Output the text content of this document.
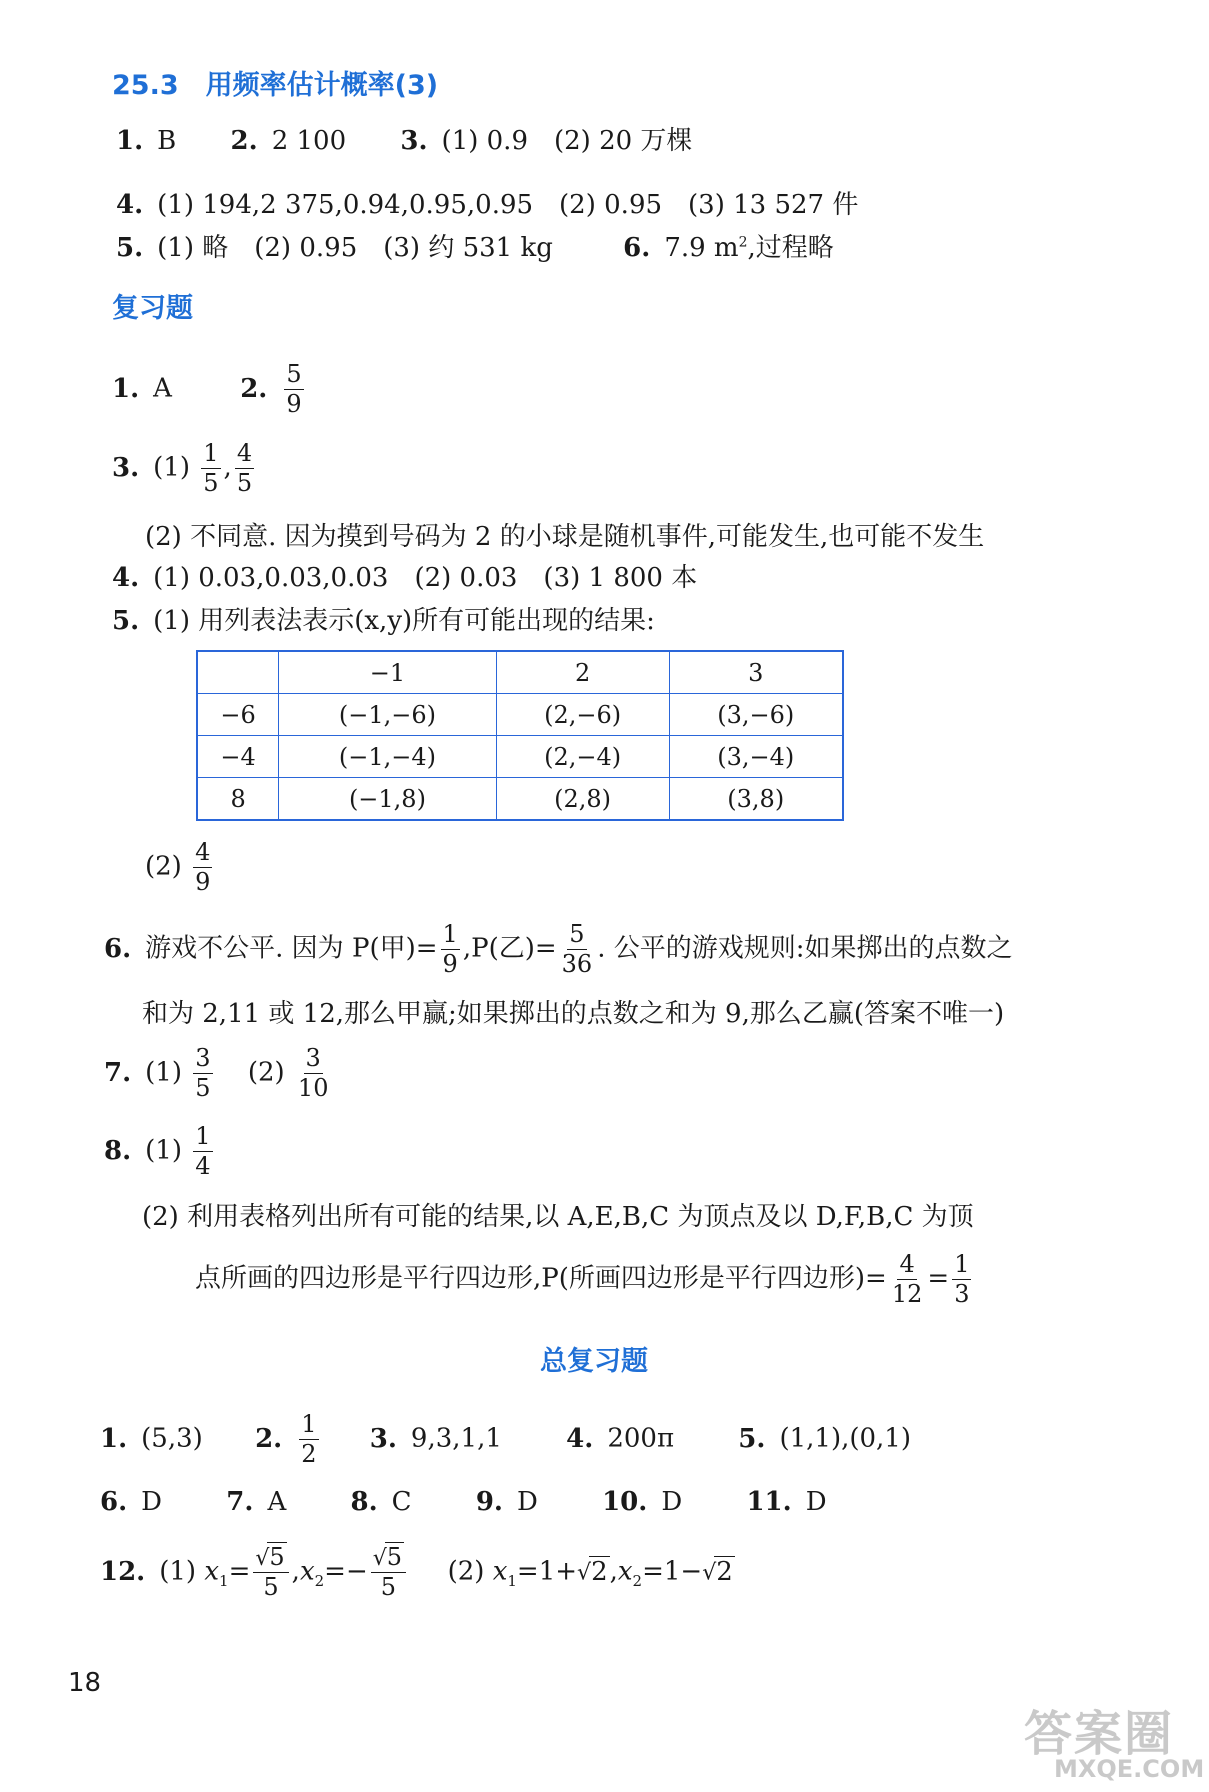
25.3　用频率估计概率(3)
1. B 2. 2 100 3. (1) 0.9　(2) 20 万棵
4. (1) 194,2 375,0.94,0.95,0.95　(2) 0.95　(3) 13 527 件
5. (1) 略　(2) 0.95　(3) 约 531 kg	6. 7.9 $m^2$,过程略
复习题
1. A	2. $\frac{5}{9}$
3. $(1) \frac{1}{5}$ , $\frac{4}{5}$
(2) 不同意. 因为摸到号码为 2 的小球是随机事件,可能发生,也可能不发生
4. (1) 0.03,0.03,0.03　(2) 0.03　(3) 1 800 本
5. (1) 用列表法表示(x,y)所有可能出现的结果:
	−1	2	3
−6	(−1,−6)	(2,−6)	(3,−6)
−4	(−1,−4)	(2,−4)	(3,−4)
8	(−1,8)	(2,8)	(3,8)
$(2) \frac{4}{9}$
6. 游戏不公平. 因为 P(甲)= $\frac{1}{9} ,P$(乙)= $\frac{5}{36}$ . 公平的游戏规则:如果掷出的点数之
和为 2,11 或 12,那么甲赢;如果掷出的点数之和为 9,那么乙赢(答案不唯一)
7. $(1) \frac{3}{5} (2) \frac{3}{10}$
8. $(1) \frac{1}{4}$
(2) 利用表格列出所有可能的结果,以 A,E,B,C 为顶点及以 D,F,B,C 为顶
点所画的四边形是平行四边形,P(所画四边形是平行四边形)= $\frac{4}{12} = \frac{1}{3}$
总复习题
1. (5,3) 2. $\frac{1}{2} 3$. 9,3,1,1 4. 200π 5. (1,1),(0,1)
6. D 7. A 8. C 9. D 10. D 11. D
12. (1) $x_1= \frac{√5}{5} ,x_2=- \frac{√5}{5} (2)$ $x_1=1+√2,x_2=1-√2$
18
答案圈
MXQE.COM
